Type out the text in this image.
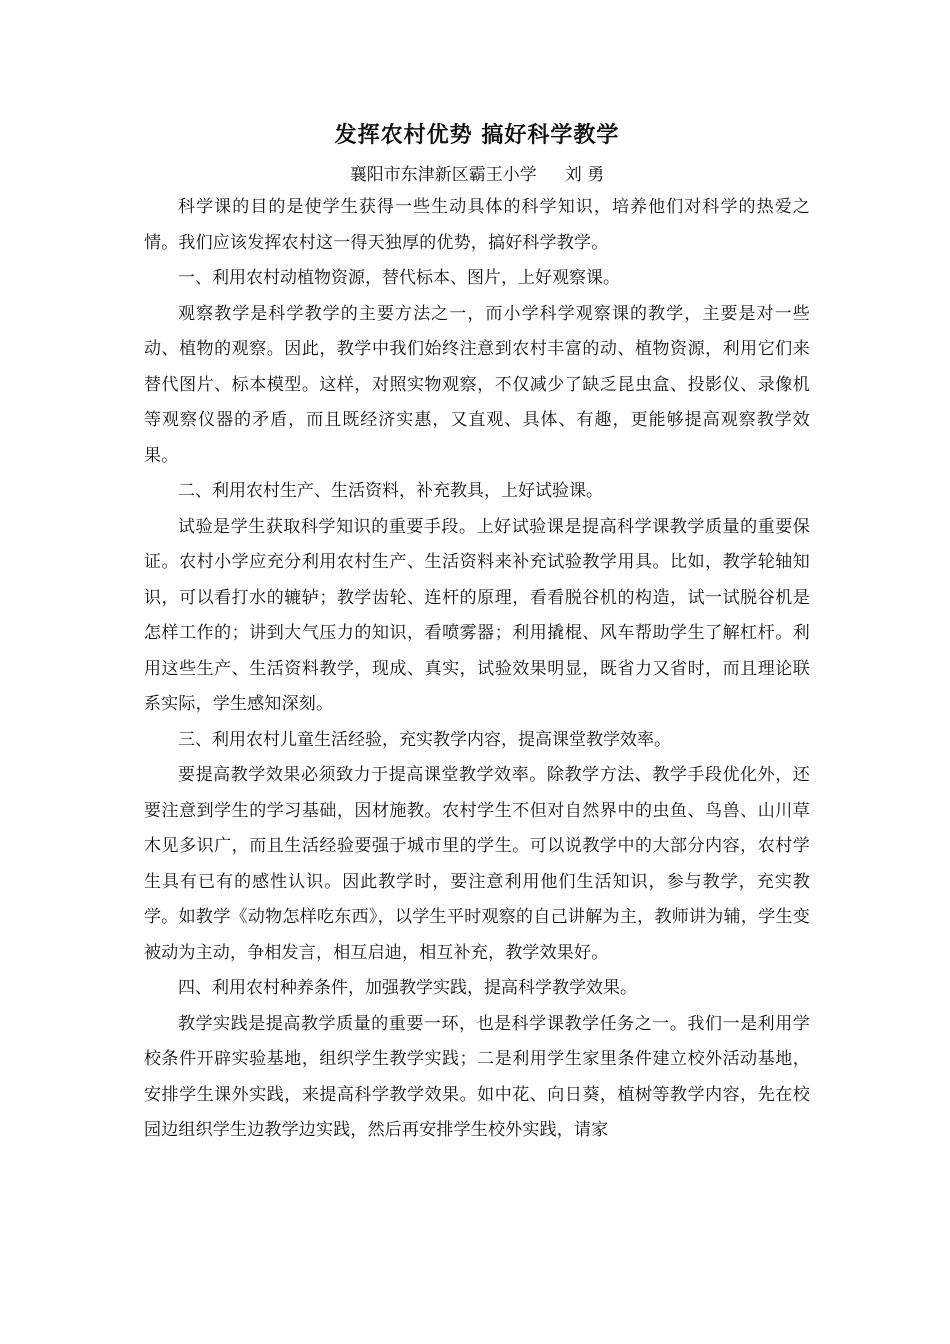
发挥农村优势 搞好科学教学

襄阳市东津新区霸王小学 刘 勇

科学课的目的是使学生获得一些生动具体的科学知识，培养他们对科学的热爱之情。我们应该发挥农村这一得天独厚的优势，搞好科学教学。

一、利用农村动植物资源，替代标本、图片，上好观察课。

观察教学是科学教学的主要方法之一，而小学科学观察课的教学，主要是对一些动、植物的观察。因此，教学中我们始终注意到农村丰富的动、植物资源，利用它们来替代图片、标本模型。这样，对照实物观察，不仅减少了缺乏昆虫盒、投影仪、录像机等观察仪器的矛盾，而且既经济实惠，又直观、具体、有趣，更能够提高观察教学效果。

二、利用农村生产、生活资料，补充教具，上好试验课。

试验是学生获取科学知识的重要手段。上好试验课是提高科学课教学质量的重要保证。农村小学应充分利用农村生产、生活资料来补充试验教学用具。比如，教学轮轴知识，可以看打水的辘轳；教学齿轮、连杆的原理，看看脱谷机的构造，试一试脱谷机是怎样工作的；讲到大气压力的知识，看喷雾器；利用撬棍、风车帮助学生了解杠杆。利用这些生产、生活资料教学，现成、真实，试验效果明显，既省力又省时，而且理论联系实际，学生感知深刻。

三、利用农村儿童生活经验，充实教学内容，提高课堂教学效率。

要提高教学效果必须致力于提高课堂教学效率。除教学方法、教学手段优化外，还要注意到学生的学习基础，因材施教。农村学生不但对自然界中的虫鱼、鸟兽、山川草木见多识广，而且生活经验要强于城市里的学生。可以说教学中的大部分内容，农村学生具有已有的感性认识。因此教学时，要注意利用他们生活知识，参与教学，充实教学。如教学《动物怎样吃东西》，以学生平时观察的自己讲解为主，教师讲为辅，学生变被动为主动，争相发言，相互启迪，相互补充，教学效果好。

四、利用农村种养条件，加强教学实践，提高科学教学效果。

教学实践是提高教学质量的重要一环，也是科学课教学任务之一。我们一是利用学校条件开辟实验基地，组织学生教学实践；二是利用学生家里条件建立校外活动基地，安排学生课外实践，来提高科学教学效果。如中花、向日葵，植树等教学内容，先在校园边组织学生边教学边实践，然后再安排学生校外实践，请家
